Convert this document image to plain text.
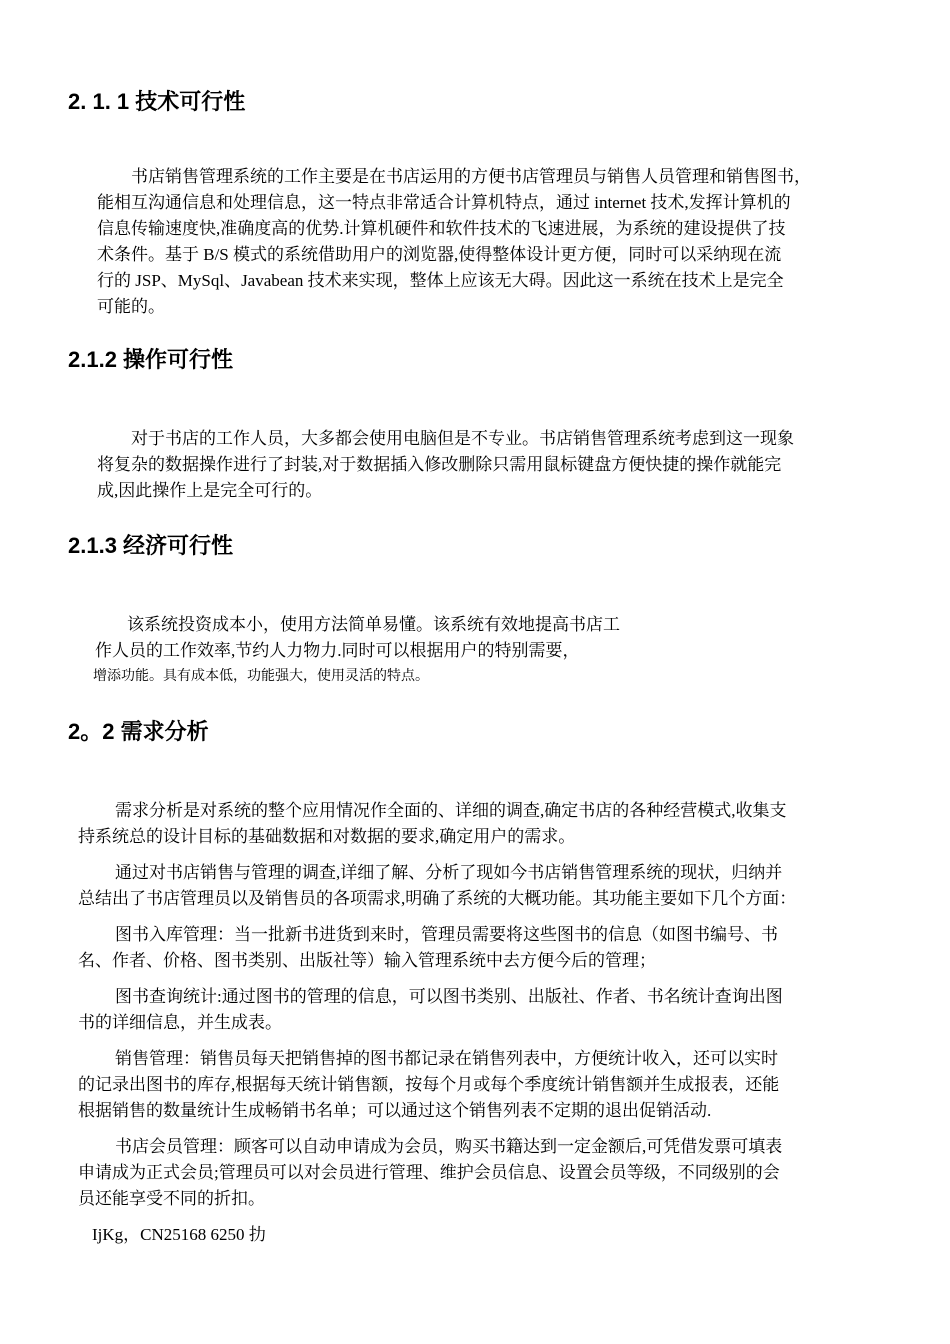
2. 1. 1 技术可行性
书店销售管理系统的工作主要是在书店运用的方便书店管理员与销售人员管理和销售图书，
能相互沟通信息和处理信息，这一特点非常适合计算机特点，通过 internet 技术,发挥计算机的
信息传输速度快,准确度高的优势.计算机硬件和软件技术的飞速进展，为系统的建设提供了技
术条件。基于 B/S 模式的系统借助用户的浏览器,使得整体设计更方便，同时可以采纳现在流
行的 JSP、MySql、Javabean 技术来实现，整体上应该无大碍。因此这一系统在技术上是完全
可能的。
2.1.2 操作可行性
对于书店的工作人员，大多都会使用电脑但是不专业。书店销售管理系统考虑到这一现象
将复杂的数据操作进行了封装,对于数据插入修改删除只需用鼠标键盘方便快捷的操作就能完
成,因此操作上是完全可行的。
2.1.3 经济可行性
该系统投资成本小，使用方法简单易懂。该系统有效地提高书店工
作人员的工作效率,节约人力物力.同时可以根据用户的特别需要，
增添功能。具有成本低，功能强大，使用灵活的特点。
2。2 需求分析
需求分析是对系统的整个应用情况作全面的、详细的调查,确定书店的各种经营模式,收集支
持系统总的设计目标的基础数据和对数据的要求,确定用户的需求。
通过对书店销售与管理的调查,详细了解、分析了现如今书店销售管理系统的现状，归纳并
总结出了书店管理员以及销售员的各项需求,明确了系统的大概功能。其功能主要如下几个方面：
图书入库管理：当一批新书进货到来时，管理员需要将这些图书的信息（如图书编号、书
名、作者、价格、图书类别、出版社等）输入管理系统中去方便今后的管理；
图书查询统计:通过图书的管理的信息，可以图书类别、出版社、作者、书名统计查询出图
书的详细信息，并生成表。
销售管理：销售员每天把销售掉的图书都记录在销售列表中，方便统计收入，还可以实时
的记录出图书的库存,根据每天统计销售额，按每个月或每个季度统计销售额并生成报表，还能
根据销售的数量统计生成畅销书名单；可以通过这个销售列表不定期的退出促销活动.
书店会员管理：顾客可以自动申请成为会员，购买书籍达到一定金额后,可凭借发票可填表
申请成为正式会员;管理员可以对会员进行管理、维护会员信息、设置会员等级，不同级别的会
员还能享受不同的折扣。
IjKg，CN25168 6250 扐
